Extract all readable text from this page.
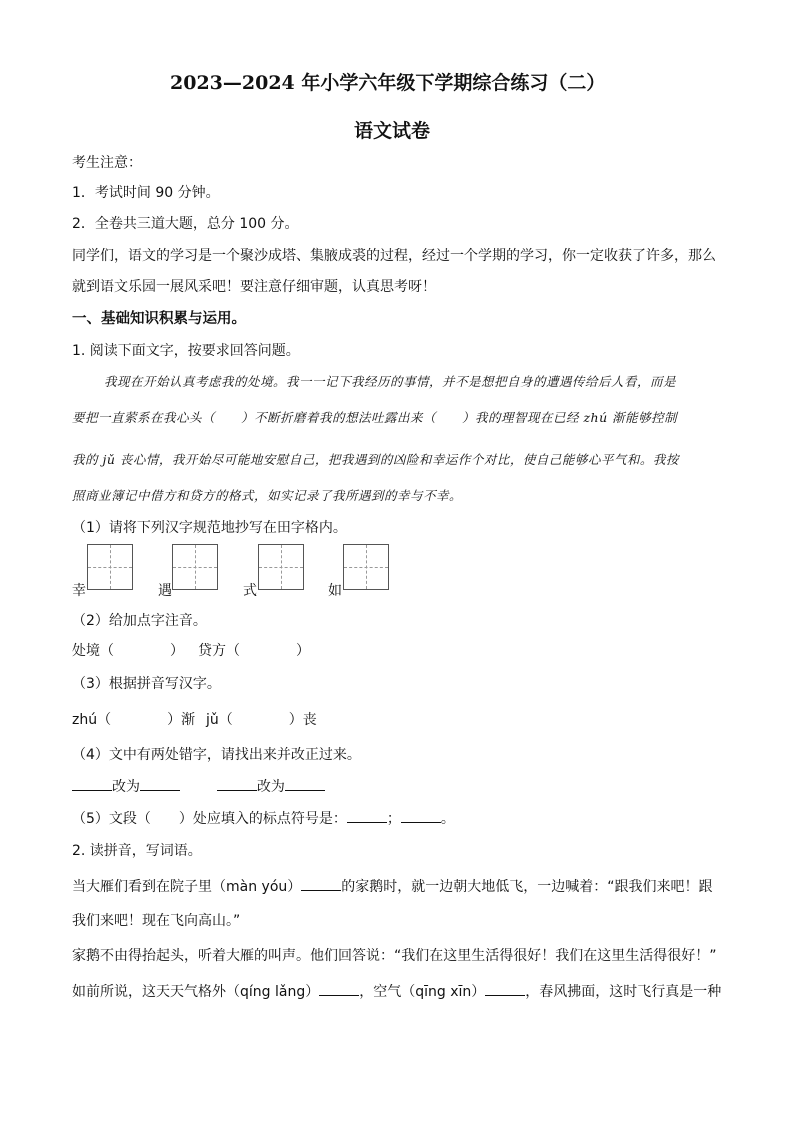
2023—2024 年小学六年级下学期综合练习（二）
语文试卷
考生注意：
1．考试时间 90 分钟。
2．全卷共三道大题，总分 100 分。
同学们，语文的学习是一个聚沙成塔、集腋成裘的过程，经过一个学期的学习，你一定收获了许多，那么
就到语文乐园一展风采吧！要注意仔细审题，认真思考呀！
一、基础知识积累与运用。
1. 阅读下面文字，按要求回答问题。
我现在开始认真考虑我的处境。我一一记下我经历的事情，并不是想把自身的遭遇传给后人看，而是
要把一直萦系在我心头（　　）不断折磨着我的想法吐露出来（　　）我的理智现在已经 zhú 渐能够控制
我的 jǔ 丧心情，我开始尽可能地安慰自己，把我遇到的凶险和幸运作个对比，使自己能够心平气和。我按
照商业簿记中借方和贷方的格式，如实记录了我所遇到的幸与不幸。
（1）请将下列汉字规范地抄写在田字格内。
幸	遇	式	如
（2）给加点字注音。
处境（　　　　） 贷方（　　　　）
（3）根据拼音写汉字。
zhú（　　　　）渐 jǔ（　　　　）丧
（4）文中有两处错字，请找出来并改正过来。
改为	改为
（5）文段（　　）处应填入的标点符号是：	；	。
2. 读拼音，写词语。
当大雁们看到在院子里（màn yóu）	的家鹅时，就一边朝大地低飞，一边喊着：“跟我们来吧！跟
我们来吧！现在飞向高山。”
家鹅不由得抬起头，听着大雁的叫声。他们回答说：“我们在这里生活得很好！我们在这里生活得很好！”
如前所说，这天天气格外（qíng lǎng）	，空气（qīng xīn）	，春风拂面，这时飞行真是一种
